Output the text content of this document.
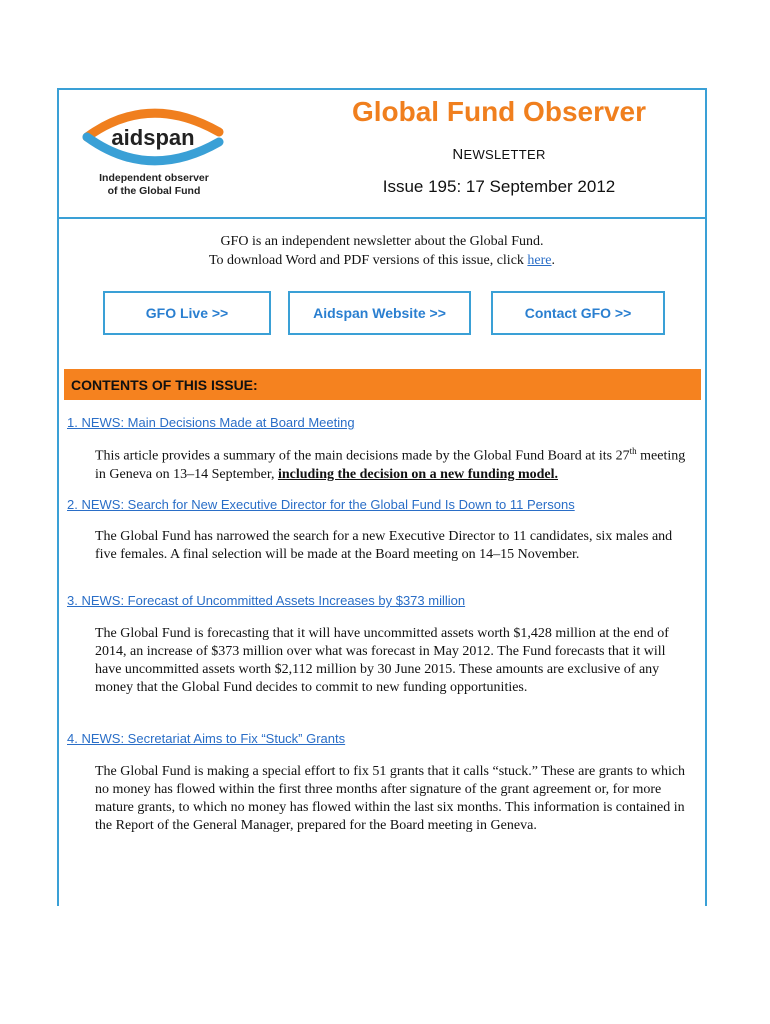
aidspan
Independent observer
of the Global Fund
Global Fund Observer
NEWSLETTER
Issue 195: 17 September 2012
GFO is an independent newsletter about the Global Fund.
To download Word and PDF versions of this issue, click here.
GFO Live >>	Aidspan Website >>	Contact GFO >>
CONTENTS OF THIS ISSUE:
1. NEWS: Main Decisions Made at Board Meeting
This article provides a summary of the main decisions made by the Global Fund Board at its 27th meeting in Geneva on 13–14 September, including the decision on a new funding model.
2. NEWS: Search for New Executive Director for the Global Fund Is Down to 11 Persons
The Global Fund has narrowed the search for a new Executive Director to 11 candidates, six males and five females. A final selection will be made at the Board meeting on 14–15 November.
3. NEWS: Forecast of Uncommitted Assets Increases by $373 million
The Global Fund is forecasting that it will have uncommitted assets worth $1,428 million at the end of 2014, an increase of $373 million over what was forecast in May 2012. The Fund forecasts that it will have uncommitted assets worth $2,112 million by 30 June 2015. These amounts are exclusive of any money that the Global Fund decides to commit to new funding opportunities.
4. NEWS: Secretariat Aims to Fix “Stuck” Grants
The Global Fund is making a special effort to fix 51 grants that it calls “stuck.” These are grants to which no money has flowed within the first three months after signature of the grant agreement or, for more mature grants, to which no money has flowed within the last six months. This information is contained in the Report of the General Manager, prepared for the Board meeting in Geneva.
